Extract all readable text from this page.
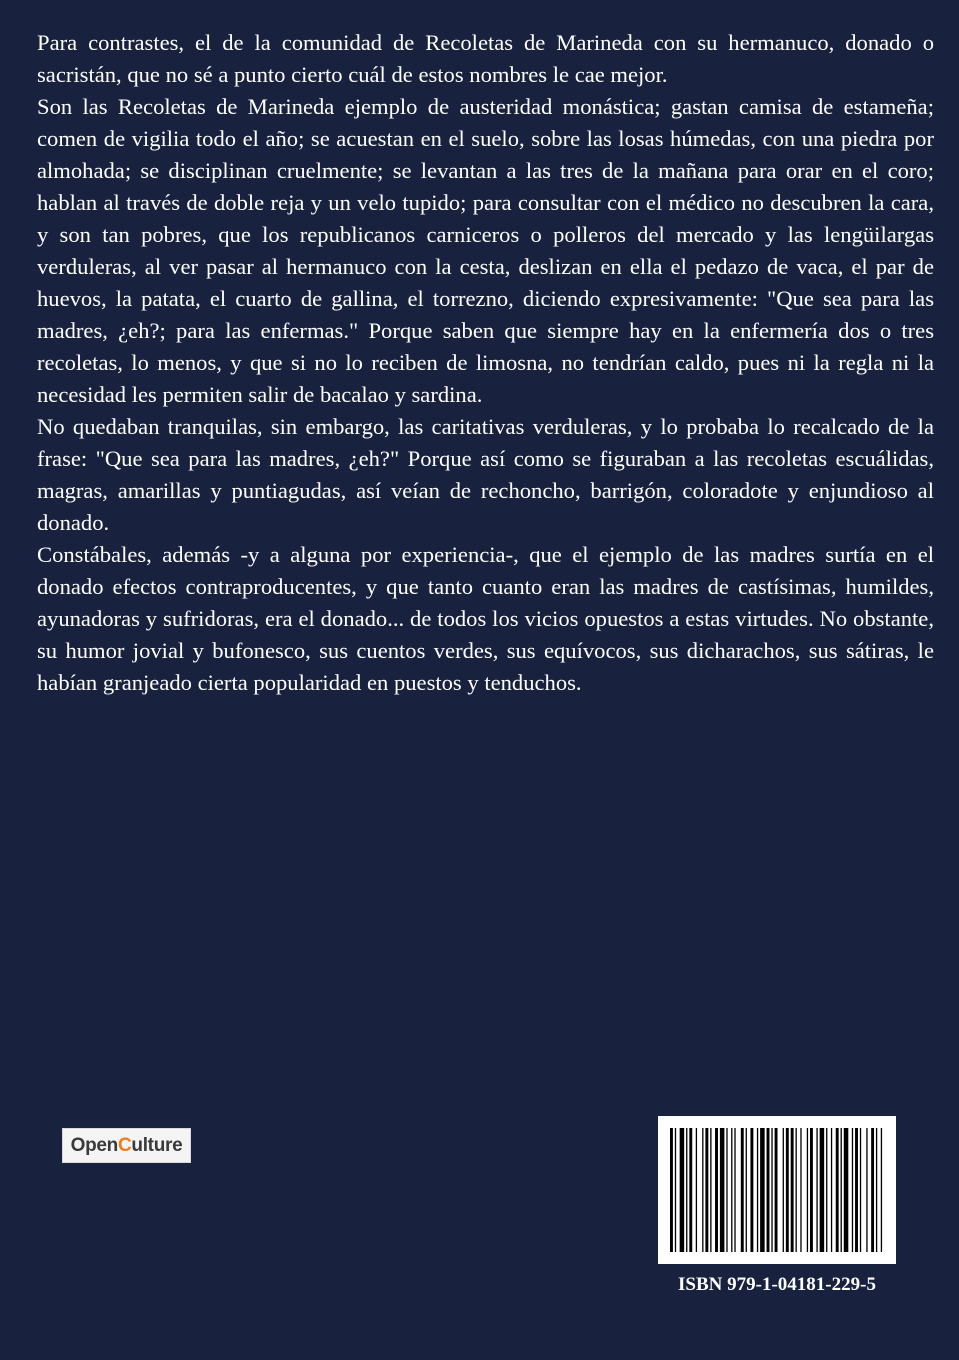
Para contrastes, el de la comunidad de Recoletas de Marineda con su hermanuco, donado o sacristán, que no sé a punto cierto cuál de estos nombres le cae mejor.

Son las Recoletas de Marineda ejemplo de austeridad monástica; gastan camisa de estameña; comen de vigilia todo el año; se acuestan en el suelo, sobre las losas húmedas, con una piedra por almohada; se disciplinan cruelmente; se levantan a las tres de la mañana para orar en el coro; hablan al través de doble reja y un velo tupido; para consultar con el médico no descubren la cara, y son tan pobres, que los republicanos carniceros o polleros del mercado y las lengüilargas verduleras, al ver pasar al hermanuco con la cesta, deslizan en ella el pedazo de vaca, el par de huevos, la patata, el cuarto de gallina, el torrezno, diciendo expresivamente: "Que sea para las madres, ¿eh?; para las enfermas." Porque saben que siempre hay en la enfermería dos o tres recoletas, lo menos, y que si no lo reciben de limosna, no tendrían caldo, pues ni la regla ni la necesidad les permiten salir de bacalao y sardina.

No quedaban tranquilas, sin embargo, las caritativas verduleras, y lo probaba lo recalcado de la frase: "Que sea para las madres, ¿eh?" Porque así como se figuraban a las recoletas escuálidas, magras, amarillas y puntiagudas, así veían de rechoncho, barrigón, coloradote y enjundioso al donado.

Constábales, además -y a alguna por experiencia-, que el ejemplo de las madres surtía en el donado efectos contraproducentes, y que tanto cuanto eran las madres de castísimas, humildes, ayunadoras y sufridoras, era el donado... de todos los vicios opuestos a estas virtudes. No obstante, su humor jovial y bufonesco, sus cuentos verdes, sus equívocos, sus dicharachos, sus sátiras, le habían granjeado cierta popularidad en puestos y tenduchos.

Open C ulture
ISBN 979-1-04181-229-5
